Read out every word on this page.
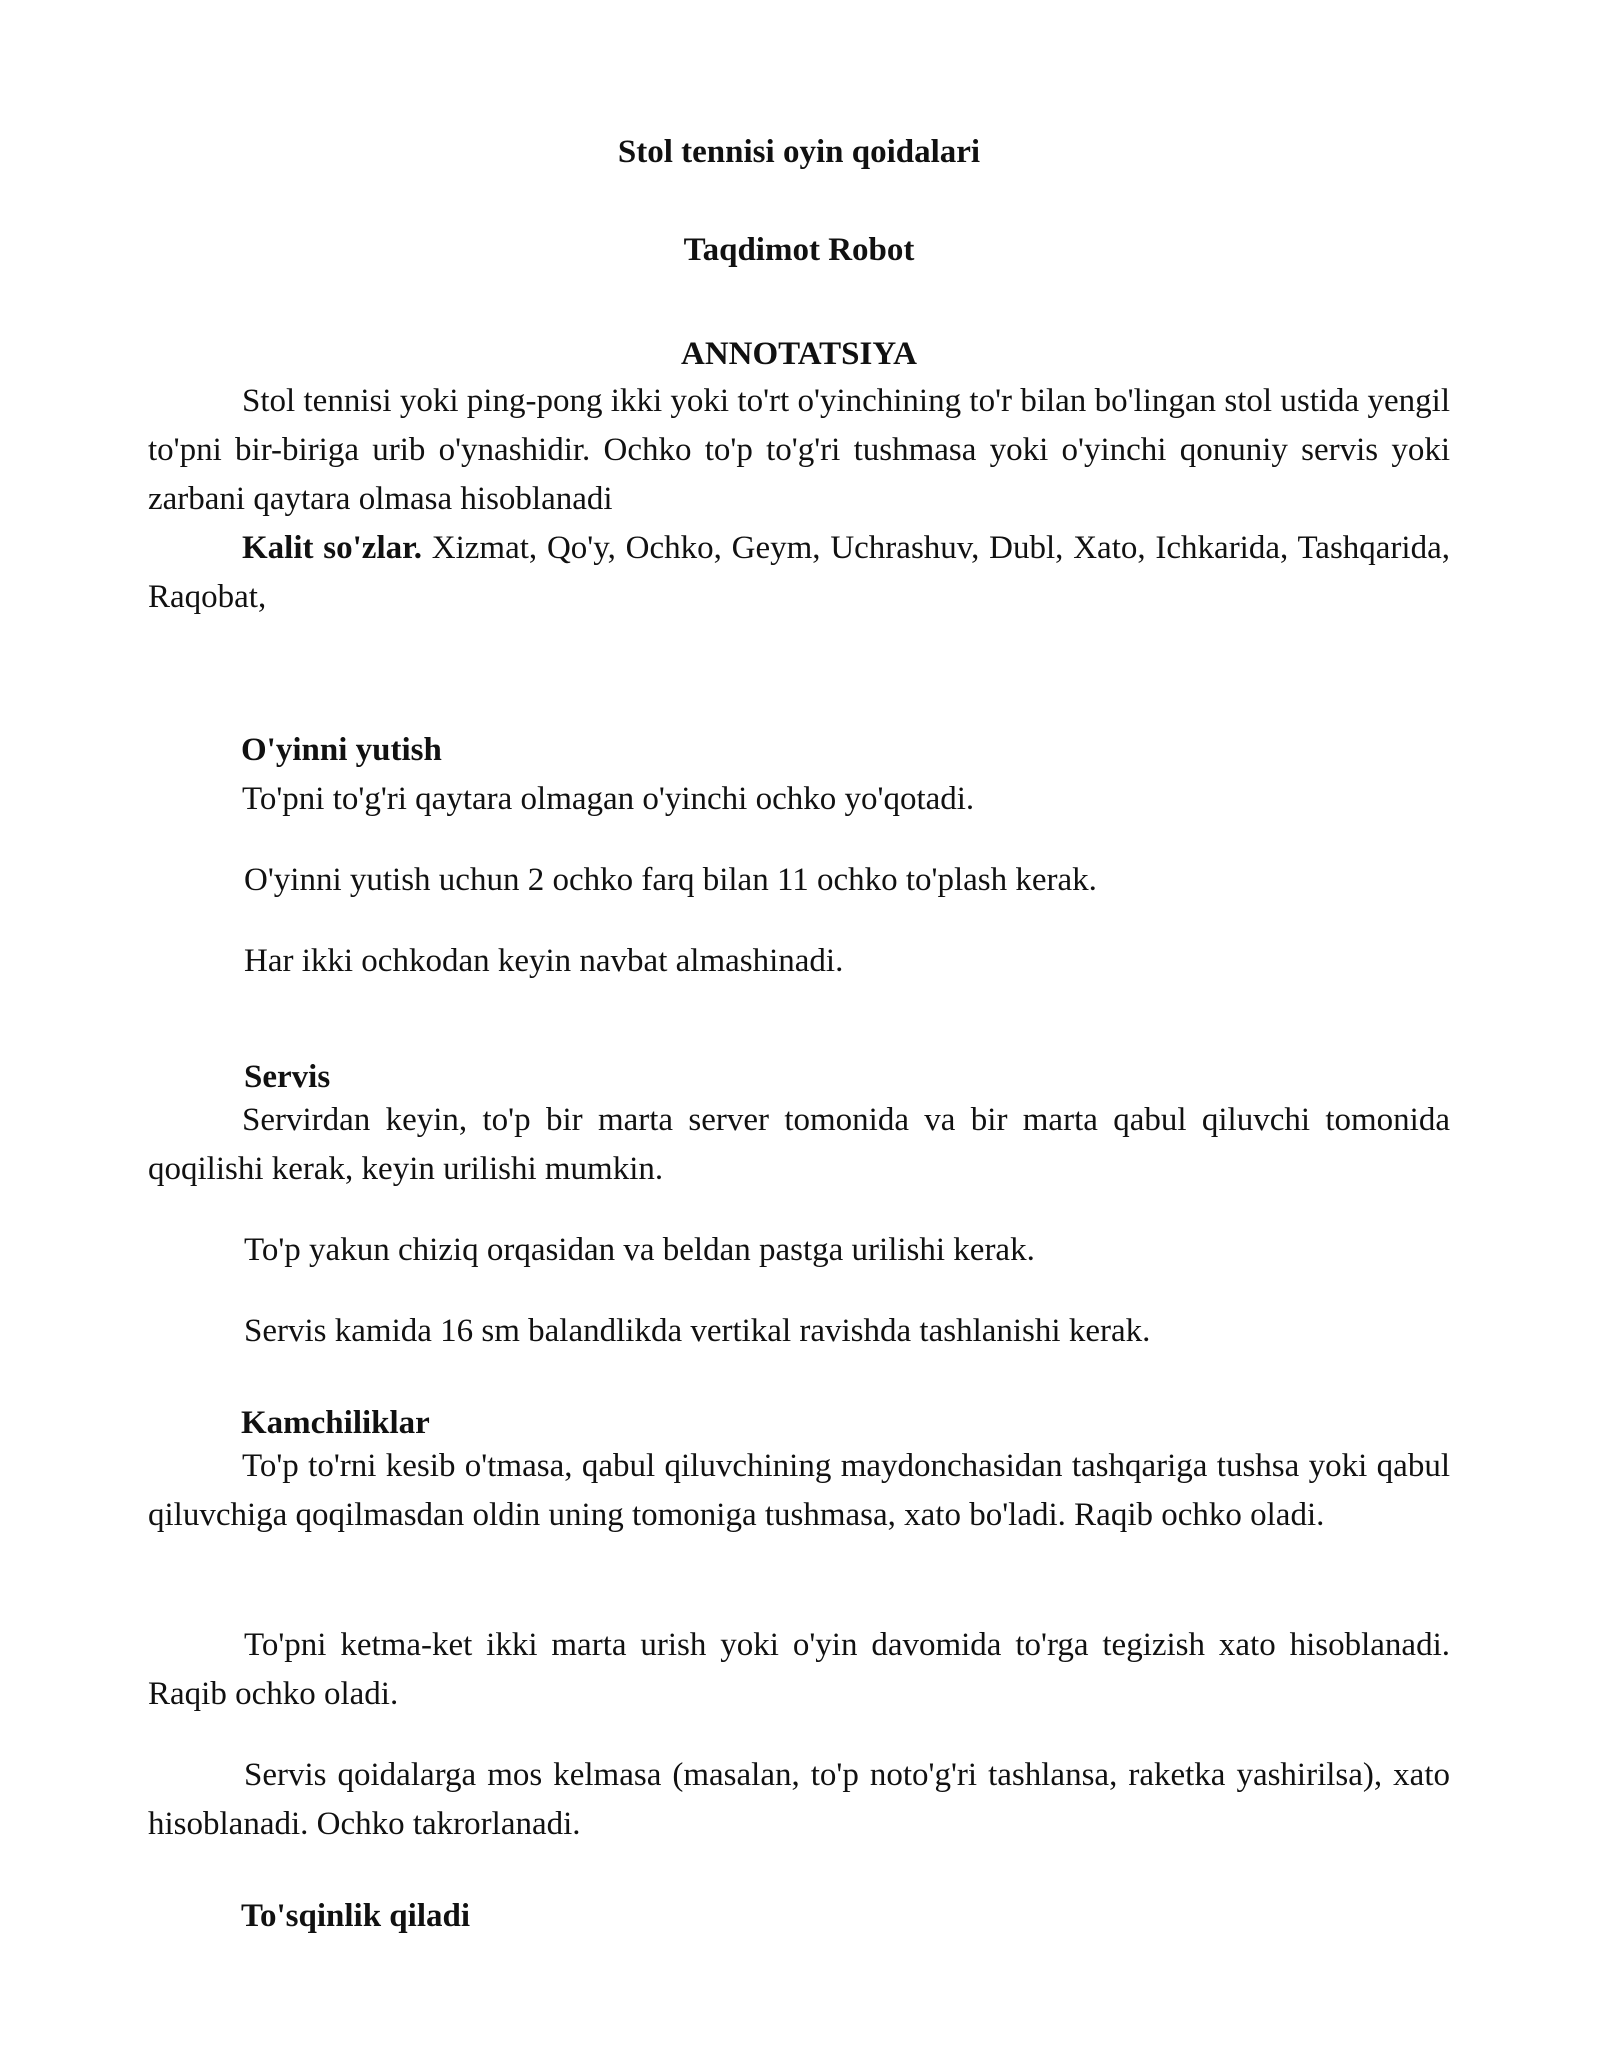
Stol tennisi oyin qoidalari

Taqdimot Robot

ANNOTATSIYA

Stol tennisi yoki ping-pong ikki yoki to'rt o'yinchining to'r bilan bo'lingan stol ustida yengil to'pni bir-biriga urib o'ynashidir. Ochko to'p to'g'ri tushmasa yoki o'yinchi qonuniy servis yoki zarbani qaytara olmasa hisoblanadi

Kalit so'zlar. Xizmat, Qo'y, Ochko, Geym, Uchrashuv, Dubl, Xato, Ichkarida, Tashqarida, Raqobat,

O'yinni yutish

To'pni to'g'ri qaytara olmagan o'yinchi ochko yo'qotadi.

O'yinni yutish uchun 2 ochko farq bilan 11 ochko to'plash kerak.

Har ikki ochkodan keyin navbat almashinadi.

Servis

Servirdan keyin, to'p bir marta server tomonida va bir marta qabul qiluvchi tomonida qoqilishi kerak, keyin urilishi mumkin.

To'p yakun chiziq orqasidan va beldan pastga urilishi kerak.

Servis kamida 16 sm balandlikda vertikal ravishda tashlanishi kerak.

Kamchiliklar

To'p to'rni kesib o'tmasa, qabul qiluvchining maydonchasidan tashqariga tushsa yoki qabul qiluvchiga qoqilmasdan oldin uning tomoniga tushmasa, xato bo'ladi. Raqib ochko oladi.

To'pni ketma-ket ikki marta urish yoki o'yin davomida to'rga tegizish xato hisoblanadi. Raqib ochko oladi.

Servis qoidalarga mos kelmasa (masalan, to'p noto'g'ri tashlansa, raketka yashirilsa), xato hisoblanadi. Ochko takrorlanadi.

To'sqinlik qiladi
